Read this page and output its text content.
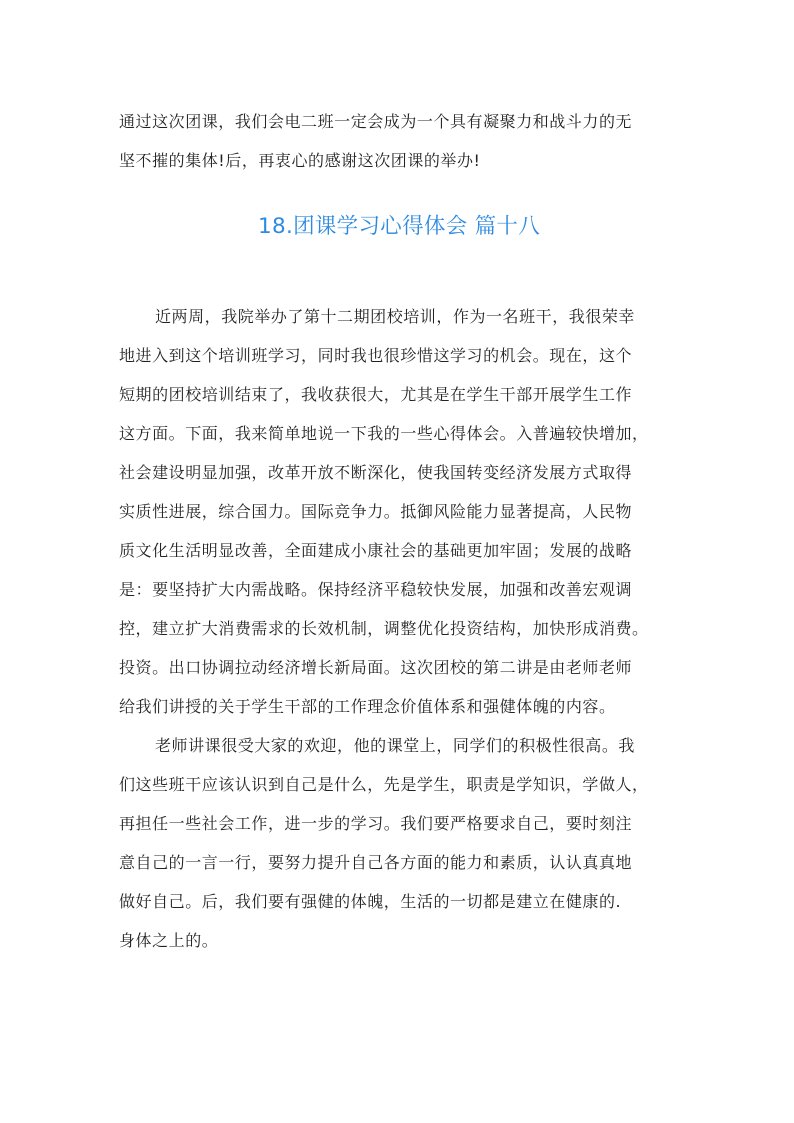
通过这次团课，我们会电二班一定会成为一个具有凝聚力和战斗力的无
坚不摧的集体!后，再衷心的感谢这次团课的举办!
18.团课学习心得体会 篇十八
近两周，我院举办了第十二期团校培训，作为一名班干，我很荣幸
地进入到这个培训班学习，同时我也很珍惜这学习的机会。现在，这个
短期的团校培训结束了，我收获很大，尤其是在学生干部开展学生工作
这方面。下面，我来简单地说一下我的一些心得体会。入普遍较快增加，
社会建设明显加强，改革开放不断深化，使我国转变经济发展方式取得
实质性进展，综合国力。国际竞争力。抵御风险能力显著提高，人民物
质文化生活明显改善，全面建成小康社会的基础更加牢固；发展的战略
是：要坚持扩大内需战略。保持经济平稳较快发展，加强和改善宏观调
控，建立扩大消费需求的长效机制，调整优化投资结构，加快形成消费。
投资。出口协调拉动经济增长新局面。这次团校的第二讲是由老师老师
给我们讲授的关于学生干部的工作理念价值体系和强健体魄的内容。
老师讲课很受大家的欢迎，他的课堂上，同学们的积极性很高。我
们这些班干应该认识到自己是什么，先是学生，职责是学知识，学做人，
再担任一些社会工作，进一步的学习。我们要严格要求自己，要时刻注
意自己的一言一行，要努力提升自己各方面的能力和素质，认认真真地
做好自己。后，我们要有强健的体魄，生活的一切都是建立在健康的.
身体之上的。
